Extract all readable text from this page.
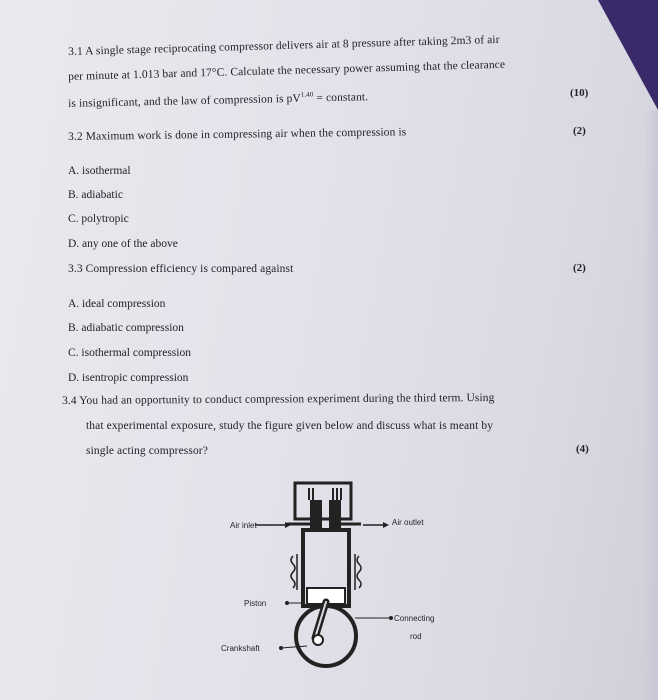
3.1 A single stage reciprocating compressor delivers air at 8 pressure after taking 2m3 of air
per minute at 1.013 bar and 17°C. Calculate the necessary power assuming that the clearance
is insignificant, and the law of compression is $pV^{1.40}$ = constant.	(10)
3.2 Maximum work is done in compressing air when the compression is	(2)
A. isothermal
B. adiabatic
C. polytropic
D. any one of the above
3.3 Compression efficiency is compared against	(2)
A. ideal compression
B. adiabatic compression
C. isothermal compression
D. isentropic compression
3.4 You had an opportunity to conduct compression experiment during the third term. Using
that experimental exposure, study the figure given below and discuss what is meant by
single acting compressor?	(4)
Air inlet	Air outlet
Piston
Connecting
rod
Crankshaft
